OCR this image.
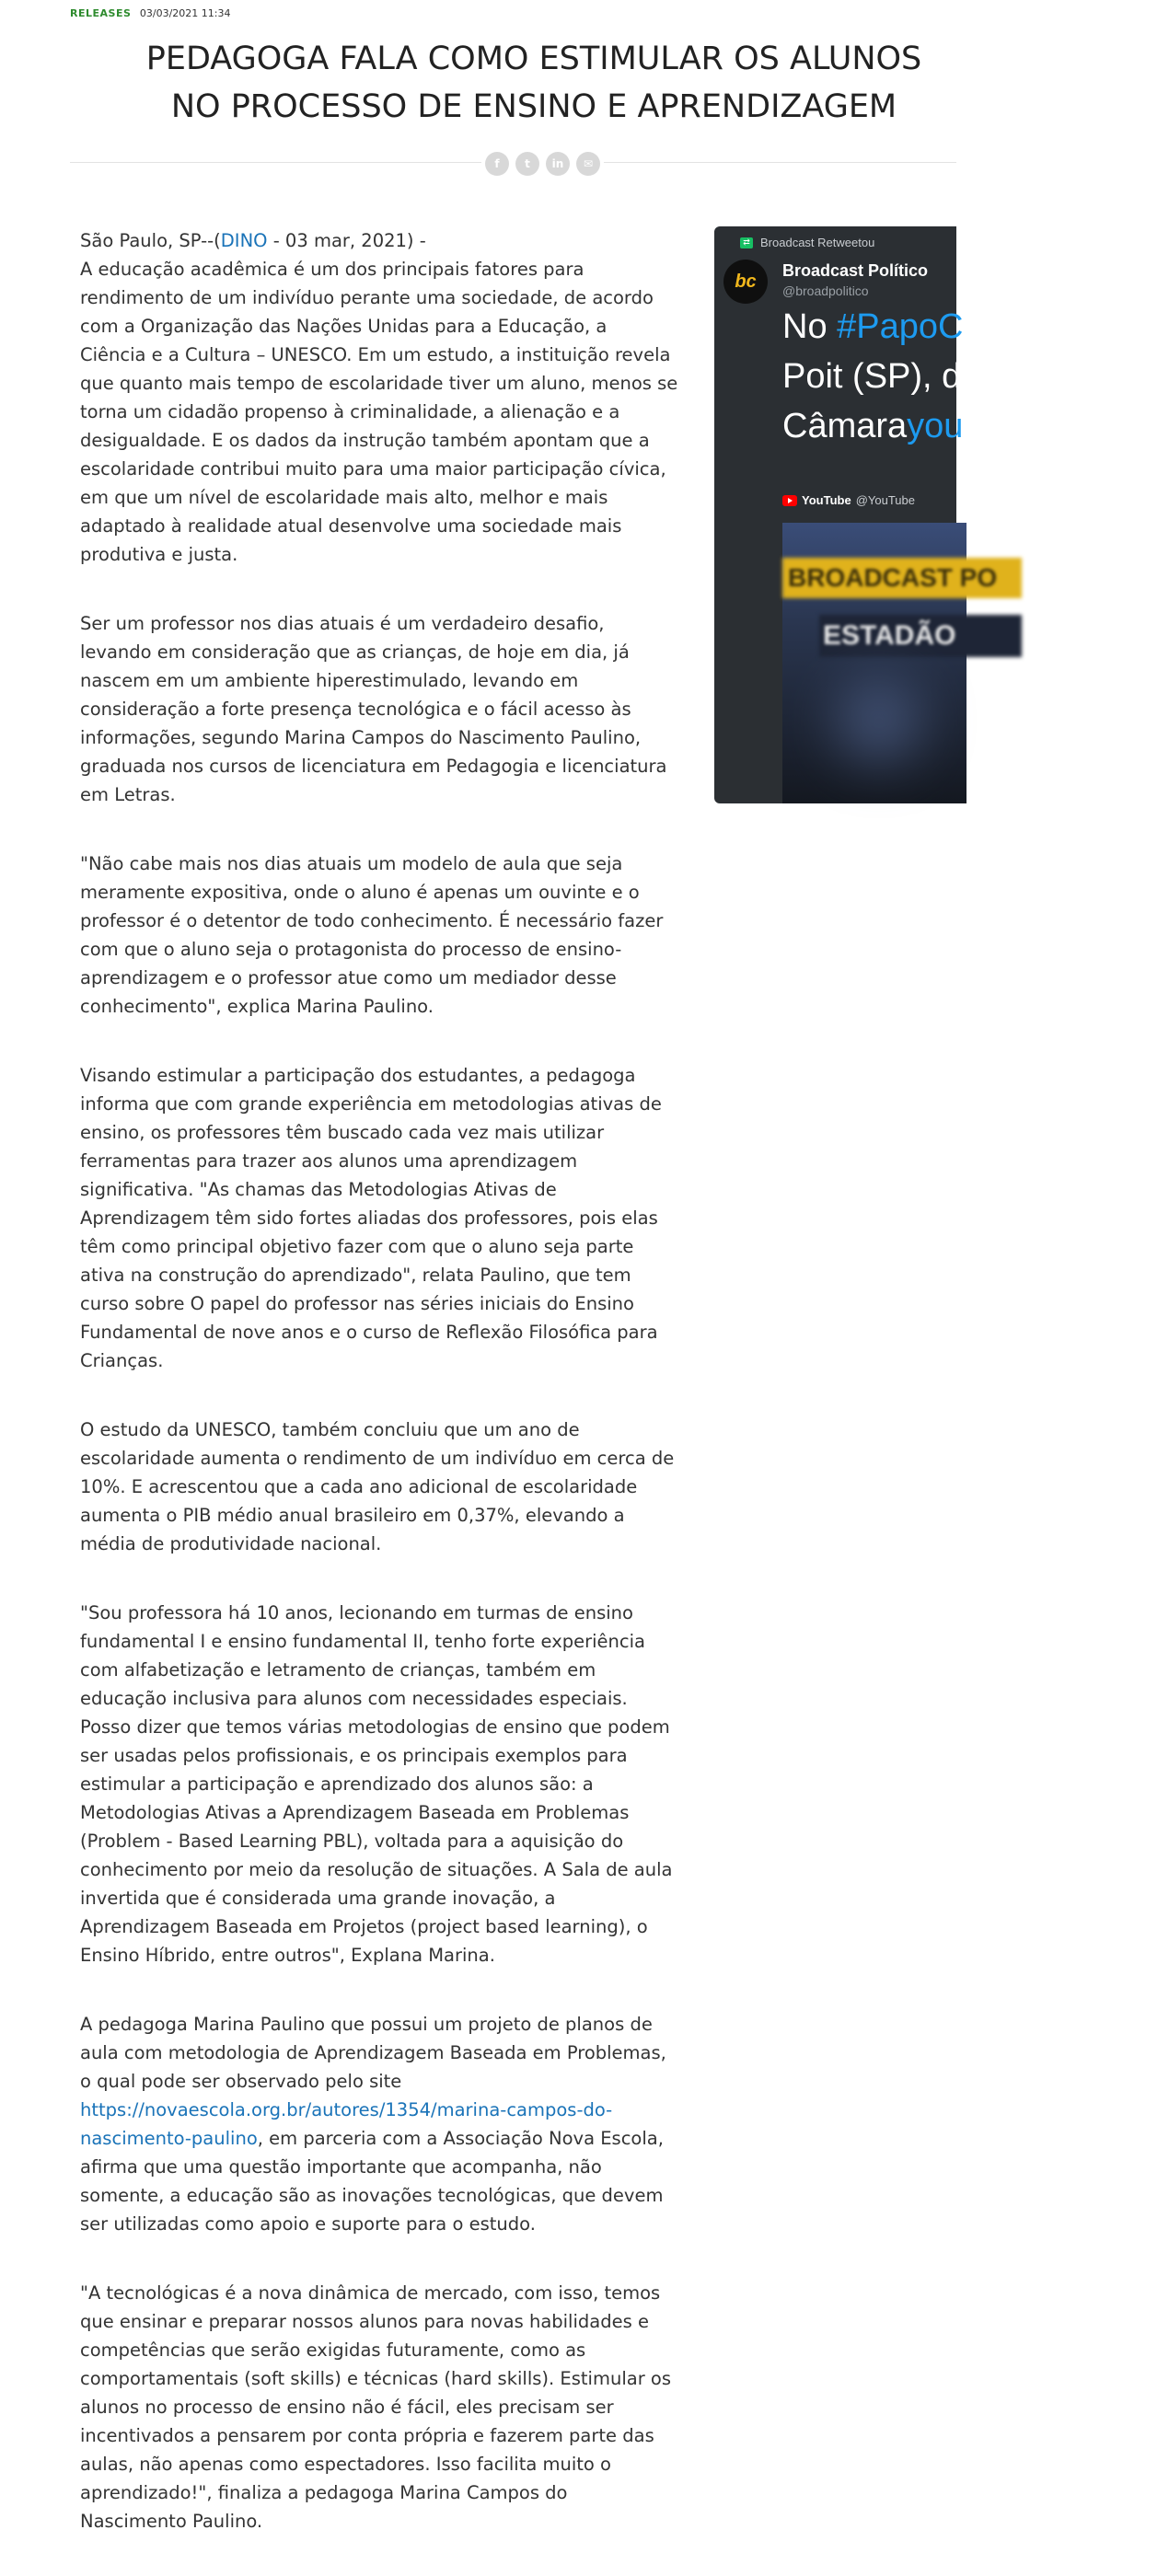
RELEASES 03/03/2021 11:34
PEDAGOGA FALA COMO ESTIMULAR OS ALUNOS NO PROCESSO DE ENSINO E APRENDIZAGEM
f	t	in	✉

São Paulo, SP--(DINO - 03 mar, 2021) -
A educação acadêmica é um dos principais fatores para rendimento de um indivíduo perante uma sociedade, de acordo com a Organização das Nações Unidas para a Educação, a Ciência e a Cultura – UNESCO. Em um estudo, a instituição revela que quanto mais tempo de escolaridade tiver um aluno, menos se torna um cidadão propenso à criminalidade, a alienação e a desigualdade. E os dados da instrução também apontam que a escolaridade contribui muito para uma maior participação cívica, em que um nível de escolaridade mais alto, melhor e mais adaptado à realidade atual desenvolve uma sociedade mais produtiva e justa.

Ser um professor nos dias atuais é um verdadeiro desafio, levando em consideração que as crianças, de hoje em dia, já nascem em um ambiente hiperestimulado, levando em consideração a forte presença tecnológica e o fácil acesso às informações, segundo Marina Campos do Nascimento Paulino, graduada nos cursos de licenciatura em Pedagogia e licenciatura em Letras.

"Não cabe mais nos dias atuais um modelo de aula que seja meramente expositiva, onde o aluno é apenas um ouvinte e o professor é o detentor de todo conhecimento. É necessário fazer com que o aluno seja o protagonista do processo de ensino-aprendizagem e o professor atue como um mediador desse conhecimento", explica Marina Paulino.

Visando estimular a participação dos estudantes, a pedagoga informa que com grande experiência em metodologias ativas de ensino, os professores têm buscado cada vez mais utilizar ferramentas para trazer aos alunos uma aprendizagem significativa. "As chamas das Metodologias Ativas de Aprendizagem têm sido fortes aliadas dos professores, pois elas têm como principal objetivo fazer com que o aluno seja parte ativa na construção do aprendizado", relata Paulino, que tem curso sobre O papel do professor nas séries iniciais do Ensino Fundamental de nove anos e o curso de Reflexão Filosófica para Crianças.

O estudo da UNESCO, também concluiu que um ano de escolaridade aumenta o rendimento de um indivíduo em cerca de 10%. E acrescentou que a cada ano adicional de escolaridade aumenta o PIB médio anual brasileiro em 0,37%, elevando a média de produtividade nacional.

"Sou professora há 10 anos, lecionando em turmas de ensino fundamental I e ensino fundamental II, tenho forte experiência com alfabetização e letramento de crianças, também em educação inclusiva para alunos com necessidades especiais. Posso dizer que temos várias metodologias de ensino que podem ser usadas pelos profissionais, e os principais exemplos para estimular a participação e aprendizado dos alunos são: a Metodologias Ativas a Aprendizagem Baseada em Problemas (Problem - Based Learning PBL), voltada para a aquisição do conhecimento por meio da resolução de situações. A Sala de aula invertida que é considerada uma grande inovação, a Aprendizagem Baseada em Projetos (project based learning), o Ensino Híbrido, entre outros", Explana Marina.

A pedagoga Marina Paulino que possui um projeto de planos de aula com metodologia de Aprendizagem Baseada em Problemas, o qual pode ser observado pelo site https://novaescola.org.br/autores/1354/marina-campos-do-nascimento-paulino, em parceria com a Associação Nova Escola, afirma que uma questão importante que acompanha, não somente, a educação são as inovações tecnológicas, que devem ser utilizadas como apoio e suporte para o estudo.

"A tecnológicas é a nova dinâmica de mercado, com isso, temos que ensinar e preparar nossos alunos para novas habilidades e competências que serão exigidas futuramente, como as comportamentais (soft skills) e técnicas (hard skills). Estimular os alunos no processo de ensino não é fácil, eles precisam ser incentivados a pensarem por conta própria e fazerem parte das aulas, não apenas como espectadores. Isso facilita muito o aprendizado!", finaliza a pedagoga Marina Campos do Nascimento Paulino.

⇄ Broadcast Retweetou
bc
Broadcast Político
@broadpolitico
No #PapoC
Poit (SP), d
Câmarayou
YouTube @YouTube
BROADCAST PO
ESTADÃO
